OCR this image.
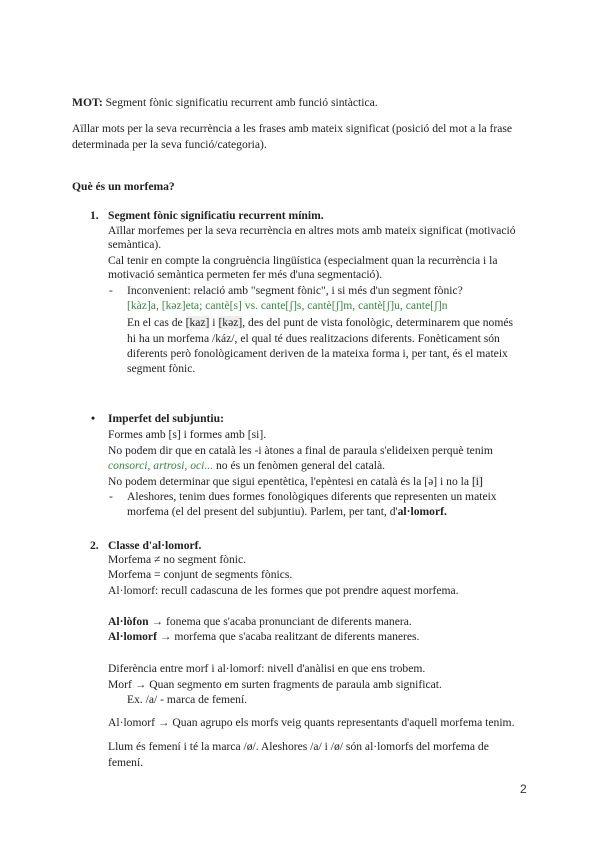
MOT: Segment fònic significatiu recurrent amb funció sintàctica.
Aïllar mots per la seva recurrència a les frases amb mateix significat (posició del mot a la frase
determinada per la seva funció/categoria).
Què és un morfema?
1. Segment fònic significatiu recurrent mínim.
Aïllar morfemes per la seva recurrència en altres mots amb mateix significat (motivació
semàntica).
Cal tenir en compte la congruència lingüística (especialment quan la recurrència i la
motivació semàntica permeten fer més d'una segmentació).
- Inconvenient: relació amb "segment fònic", i si més d'un segment fònic?
[kàz]a, [kəz]eta; cantè[s] vs. cante[ʃ]s, cantè[ʃ]m, cantè[ʃ]u, cante[ʃ]n
En el cas de [kaz] i [kəz], des del punt de vista fonològic, determinarem que només
hi ha un morfema /káz/, el qual té dues realitzacions diferents. Fonèticament són
diferents però fonològicament deriven de la mateixa forma i, per tant, és el mateix
segment fònic.
• Imperfet del subjuntiu:
Formes amb [s] i formes amb [si].
No podem dir que en català les -i àtones a final de paraula s'elideixen perquè tenim
consorci, artrosi, oci... no és un fenòmen general del català.
No podem determinar que sigui epentètica, l'epèntesi en català és la [ə] i no la [i]
- Aleshores, tenim dues formes fonològiques diferents que representen un mateix
morfema (el del present del subjuntiu). Parlem, per tant, d'al·lomorf.
2. Classe d'al·lomorf.
Morfema ≠ no segment fònic.
Morfema = conjunt de segments fònics.
Al·lomorf: recull cadascuna de les formes que pot prendre aquest morfema.
Al·lòfon → fonema que s'acaba pronunciant de diferents manera.
Al·lomorf → morfema que s'acaba realitzant de diferents maneres.
Diferència entre morf i al·lomorf: nivell d'anàlisi en que ens trobem.
Morf → Quan segmento em surten fragments de paraula amb significat.
Ex. /a/ - marca de femení.
Al·lomorf → Quan agrupo els morfs veig quants representants d'aquell morfema tenim.
Llum és femení i té la marca /ø/. Aleshores /a/ i /ø/ són al·lomorfs del morfema de
femení.
2
